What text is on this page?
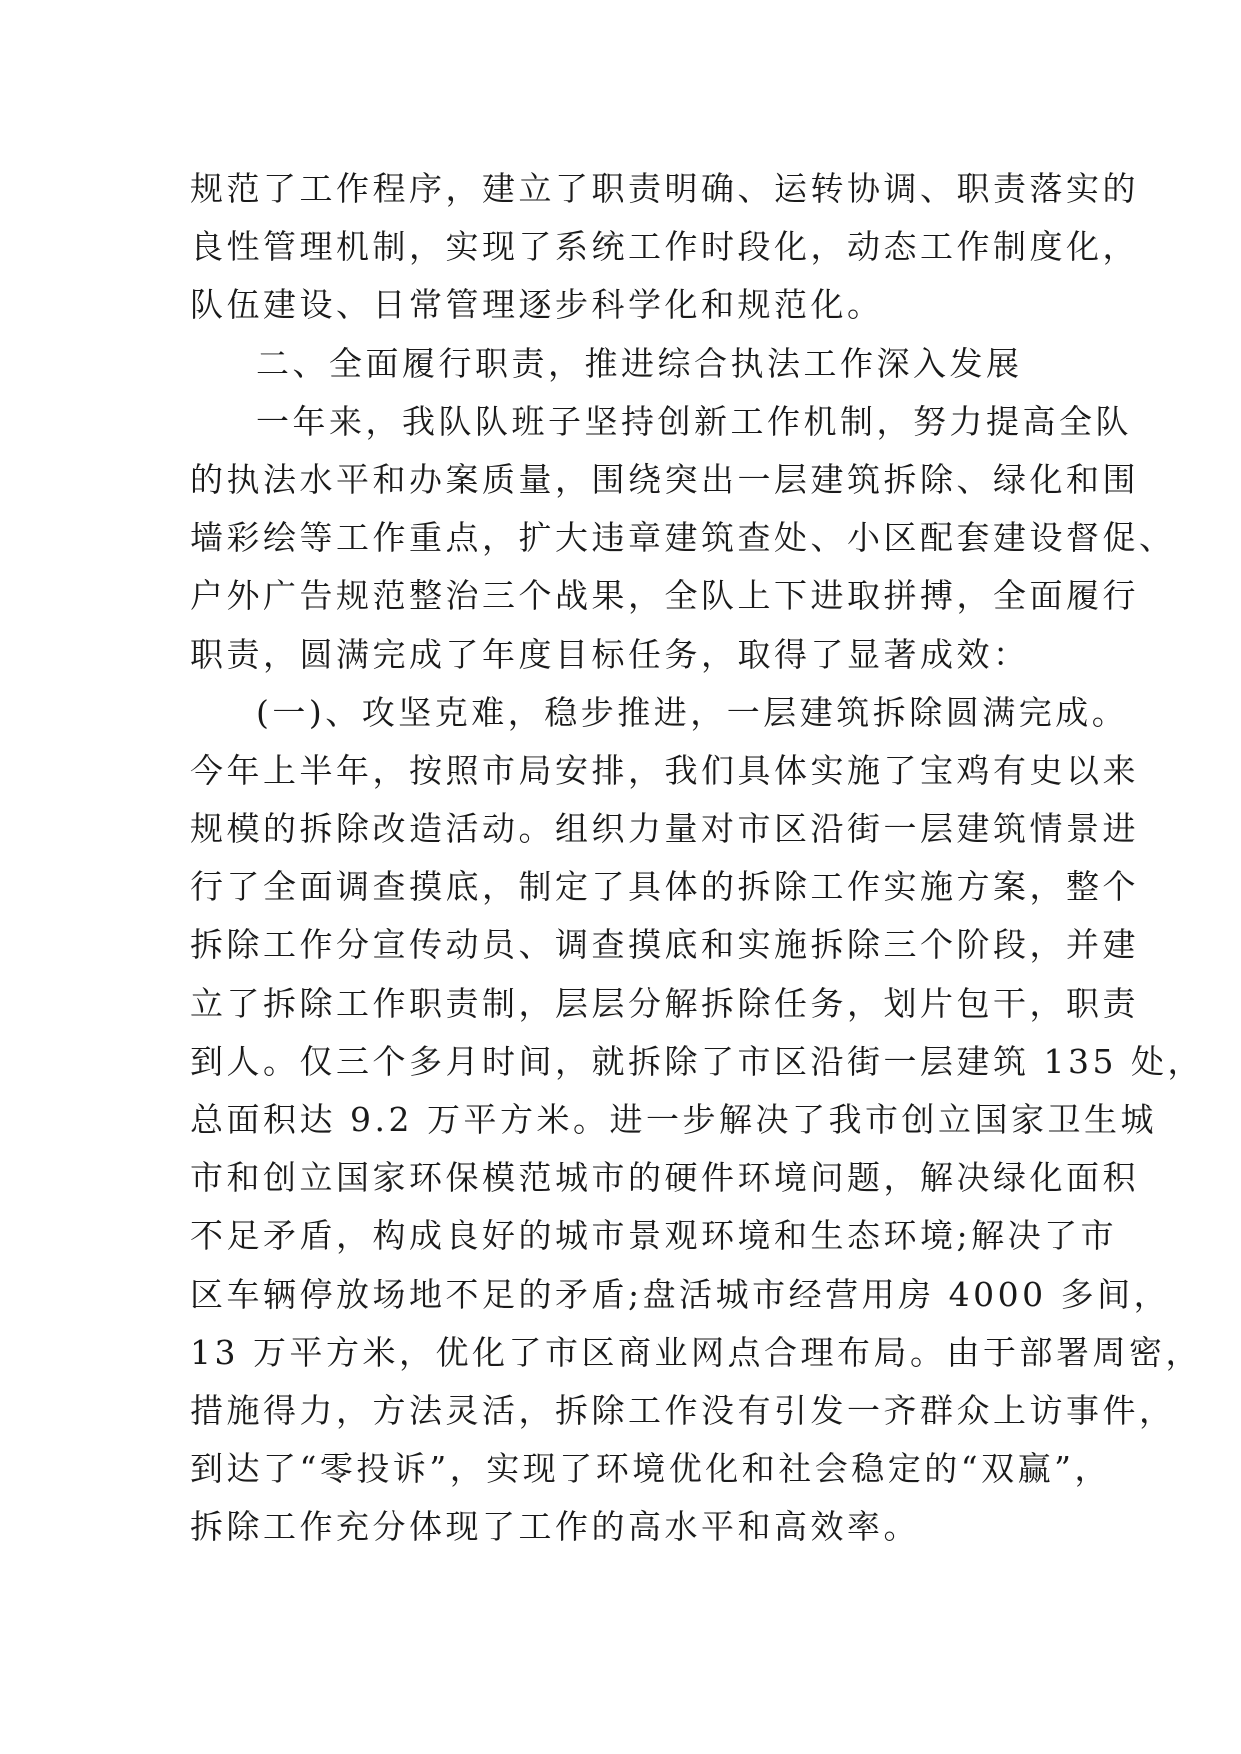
规范了工作程序，建立了职责明确、运转协调、职责落实的
良性管理机制，实现了系统工作时段化，动态工作制度化，
队伍建设、日常管理逐步科学化和规范化。
二、全面履行职责，推进综合执法工作深入发展
一年来，我队队班子坚持创新工作机制，努力提高全队
的执法水平和办案质量，围绕突出一层建筑拆除、绿化和围
墙彩绘等工作重点，扩大违章建筑查处、小区配套建设督促、
户外广告规范整治三个战果，全队上下进取拼搏，全面履行
职责，圆满完成了年度目标任务，取得了显著成效：
(一)、攻坚克难，稳步推进，一层建筑拆除圆满完成。
今年上半年，按照市局安排，我们具体实施了宝鸡有史以来
规模的拆除改造活动。组织力量对市区沿街一层建筑情景进
行了全面调查摸底，制定了具体的拆除工作实施方案，整个
拆除工作分宣传动员、调查摸底和实施拆除三个阶段，并建
立了拆除工作职责制，层层分解拆除任务，划片包干，职责
到人。仅三个多月时间，就拆除了市区沿街一层建筑 135 处，
总面积达 9.2 万平方米。进一步解决了我市创立国家卫生城
市和创立国家环保模范城市的硬件环境问题，解决绿化面积
不足矛盾，构成良好的城市景观环境和生态环境;解决了市
区车辆停放场地不足的矛盾;盘活城市经营用房 4000 多间，
13 万平方米，优化了市区商业网点合理布局。由于部署周密，
措施得力，方法灵活，拆除工作没有引发一齐群众上访事件，
到达了“零投诉”，实现了环境优化和社会稳定的“双赢”，
拆除工作充分体现了工作的高水平和高效率。
